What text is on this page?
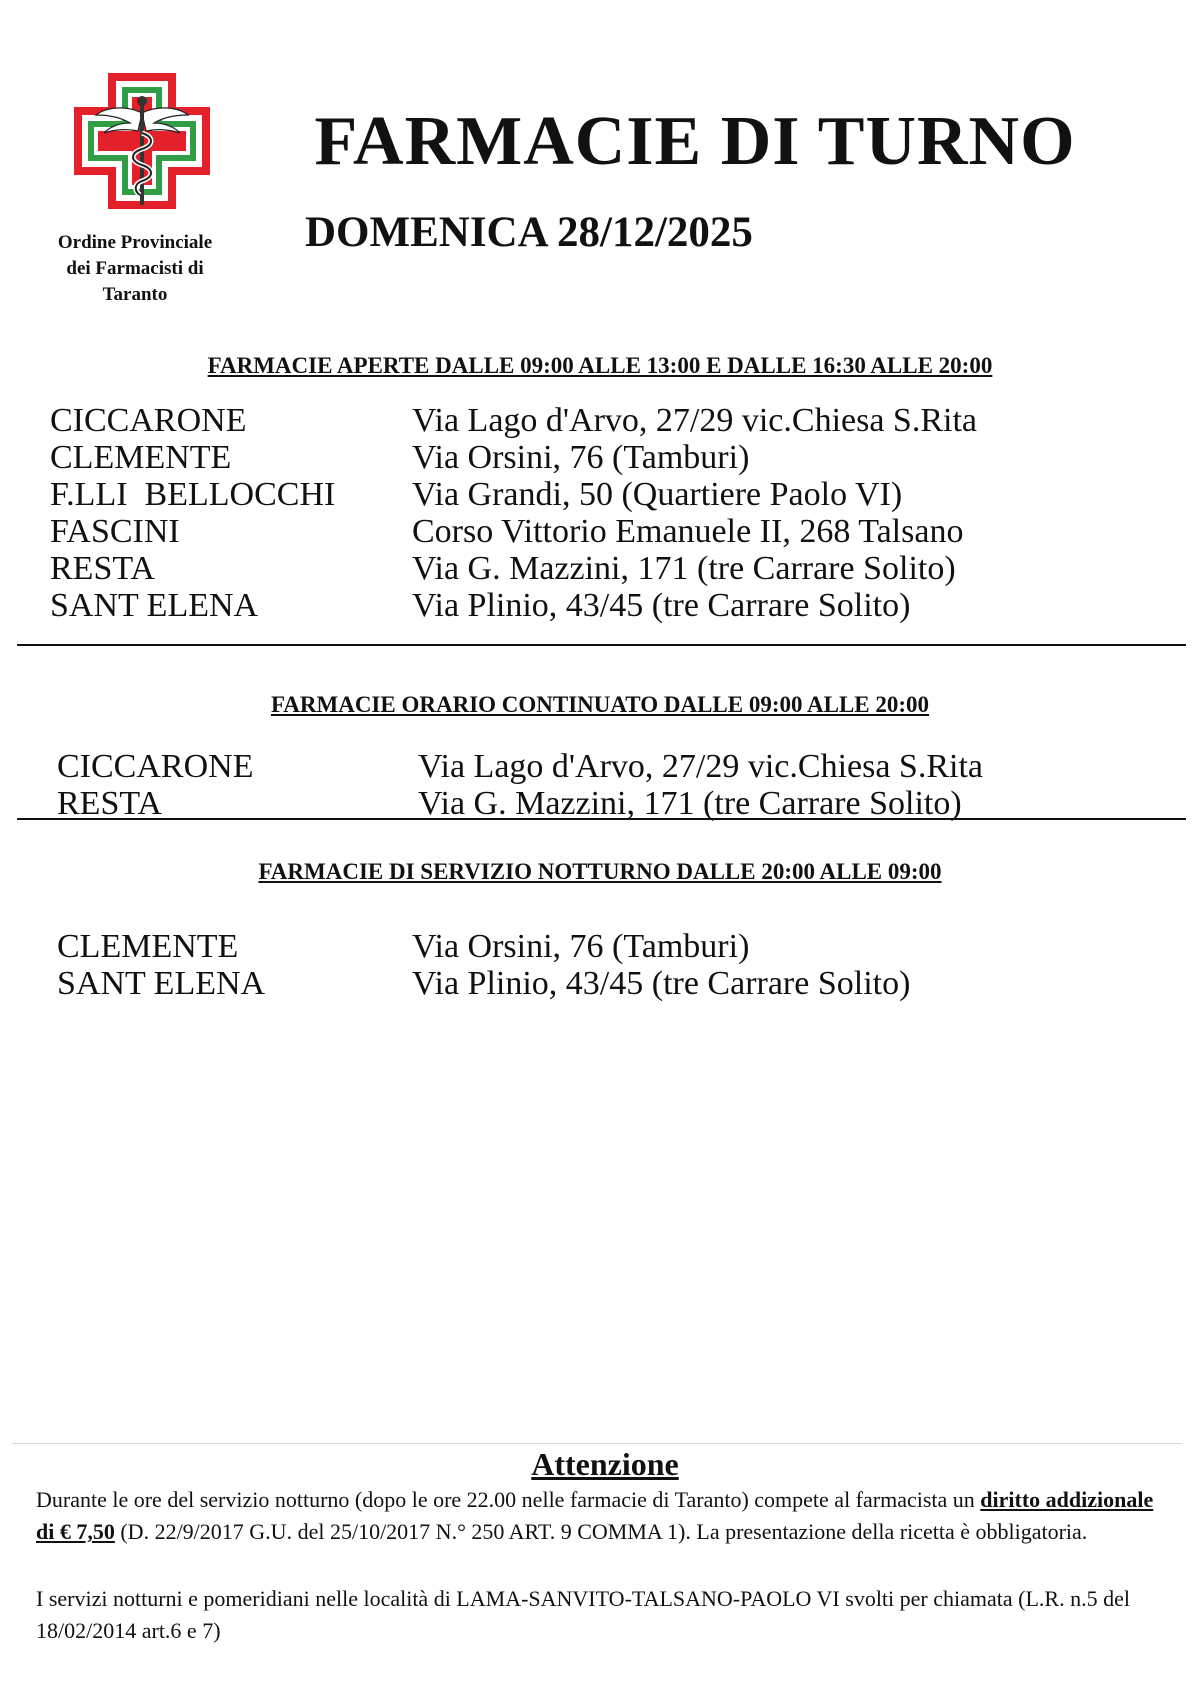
Ordine Provinciale
dei Farmacisti di
Taranto
FARMACIE DI TURNO
DOMENICA 28/12/2025
FARMACIE APERTE DALLE 09:00 ALLE 13:00 E DALLE 16:30 ALLE 20:00
CICCARONE	Via Lago d'Arvo, 27/29 vic.Chiesa S.Rita
CLEMENTE	Via Orsini, 76 (Tamburi)
F.LLI  BELLOCCHI Via Grandi, 50 (Quartiere Paolo VI)
FASCINI	Corso Vittorio Emanuele II, 268 Talsano
RESTA	Via G. Mazzini, 171 (tre Carrare Solito)
SANT ELENA	Via Plinio, 43/45 (tre Carrare Solito)
FARMACIE ORARIO CONTINUATO DALLE 09:00 ALLE 20:00
CICCARONE	Via Lago d'Arvo, 27/29 vic.Chiesa S.Rita
RESTA	Via G. Mazzini, 171 (tre Carrare Solito)
FARMACIE DI SERVIZIO NOTTURNO DALLE 20:00 ALLE 09:00
CLEMENTE	Via Orsini, 76 (Tamburi)
SANT ELENA	Via Plinio, 43/45 (tre Carrare Solito)
Attenzione

Durante le ore del servizio notturno (dopo le ore 22.00 nelle farmacie di Taranto) compete al farmacista un diritto addizionale di € 7,50 (D. 22/9/2017 G.U. del 25/10/2017 N.° 250 ART. 9 COMMA 1). La presentazione della ricetta è obbligatoria.

I servizi notturni e pomeridiani nelle località di LAMA-SANVITO-TALSANO-PAOLO VI svolti per chiamata (L.R. n.5 del 18/02/2014 art.6 e 7)
